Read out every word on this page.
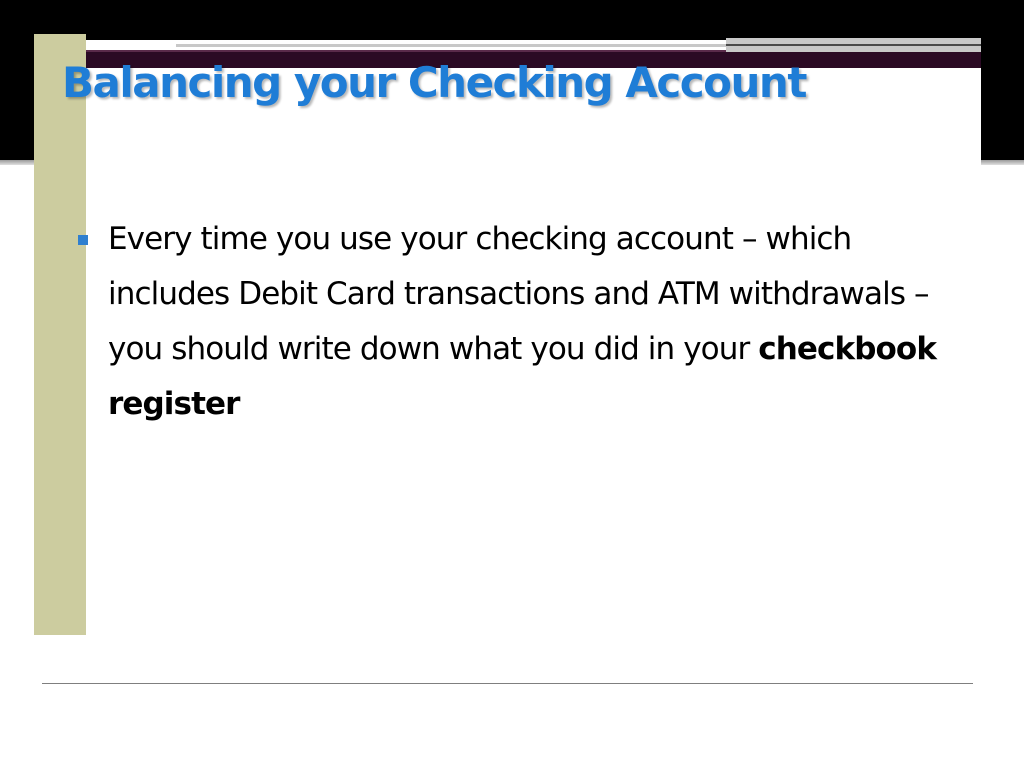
Balancing your Checking Account
Every time you use your checking account – which includes Debit Card transactions and ATM withdrawals – you should write down what you did in your checkbook register
